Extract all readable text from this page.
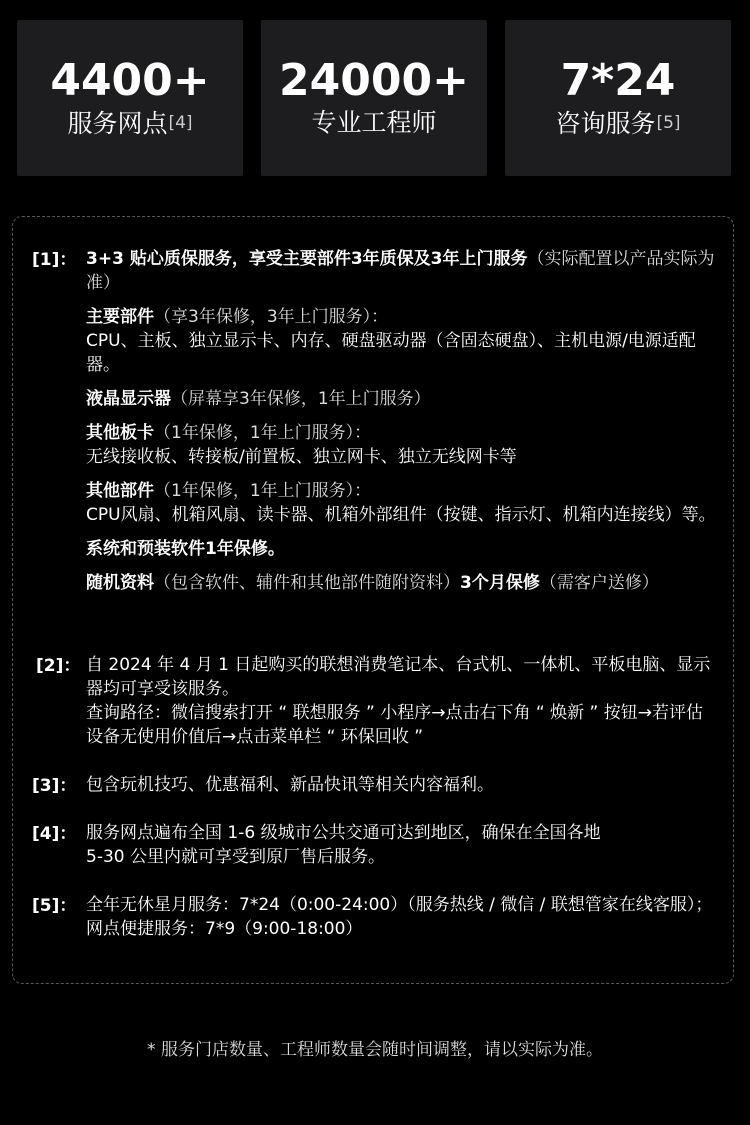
4400+
服务网点[4]
24000+
专业工程师
7*24
咨询服务[5]
[1]： 3+3 贴心质保服务，享受主要部件3年质保及3年上门服务（实际配置以产品实际为准）

主要部件（享3年保修，3年上门服务）：

CPU、主板、独立显示卡、内存、硬盘驱动器（含固态硬盘）、主机电源/电源适配器。

液晶显示器（屏幕享3年保修，1年上门服务）

其他板卡（1年保修，1年上门服务）：

无线接收板、转接板/前置板、独立网卡、独立无线网卡等

其他部件（1年保修，1年上门服务）：

CPU风扇、机箱风扇、读卡器、机箱外部组件（按键、指示灯、机箱内连接线）等。

系统和预装软件1年保修。

随机资料（包含软件、辅件和其他部件随附资料）3个月保修（需客户送修）

[2]： 自 2024 年 4 月 1 日起购买的联想消费笔记本、台式机、一体机、平板电脑、显示器均可享受该服务。

查询路径：微信搜索打开 “ 联想服务 ” 小程序→点击右下角 “ 焕新 ” 按钮→若评估设备无使用价值后→点击菜单栏 “ 环保回收 ”

[3]： 包含玩机技巧、优惠福利、新品快讯等相关内容福利。

[4]： 服务网点遍布全国 1-6 级城市公共交通可达到地区，确保在全国各地

5-30 公里内就可享受到原厂售后服务。

[5]： 全年无休星月服务：7*24（0:00-24:00）（服务热线 / 微信 / 联想管家在线客服）；网点便捷服务：7*9（9:00-18:00）

* 服务门店数量、工程师数量会随时间调整，请以实际为准。
